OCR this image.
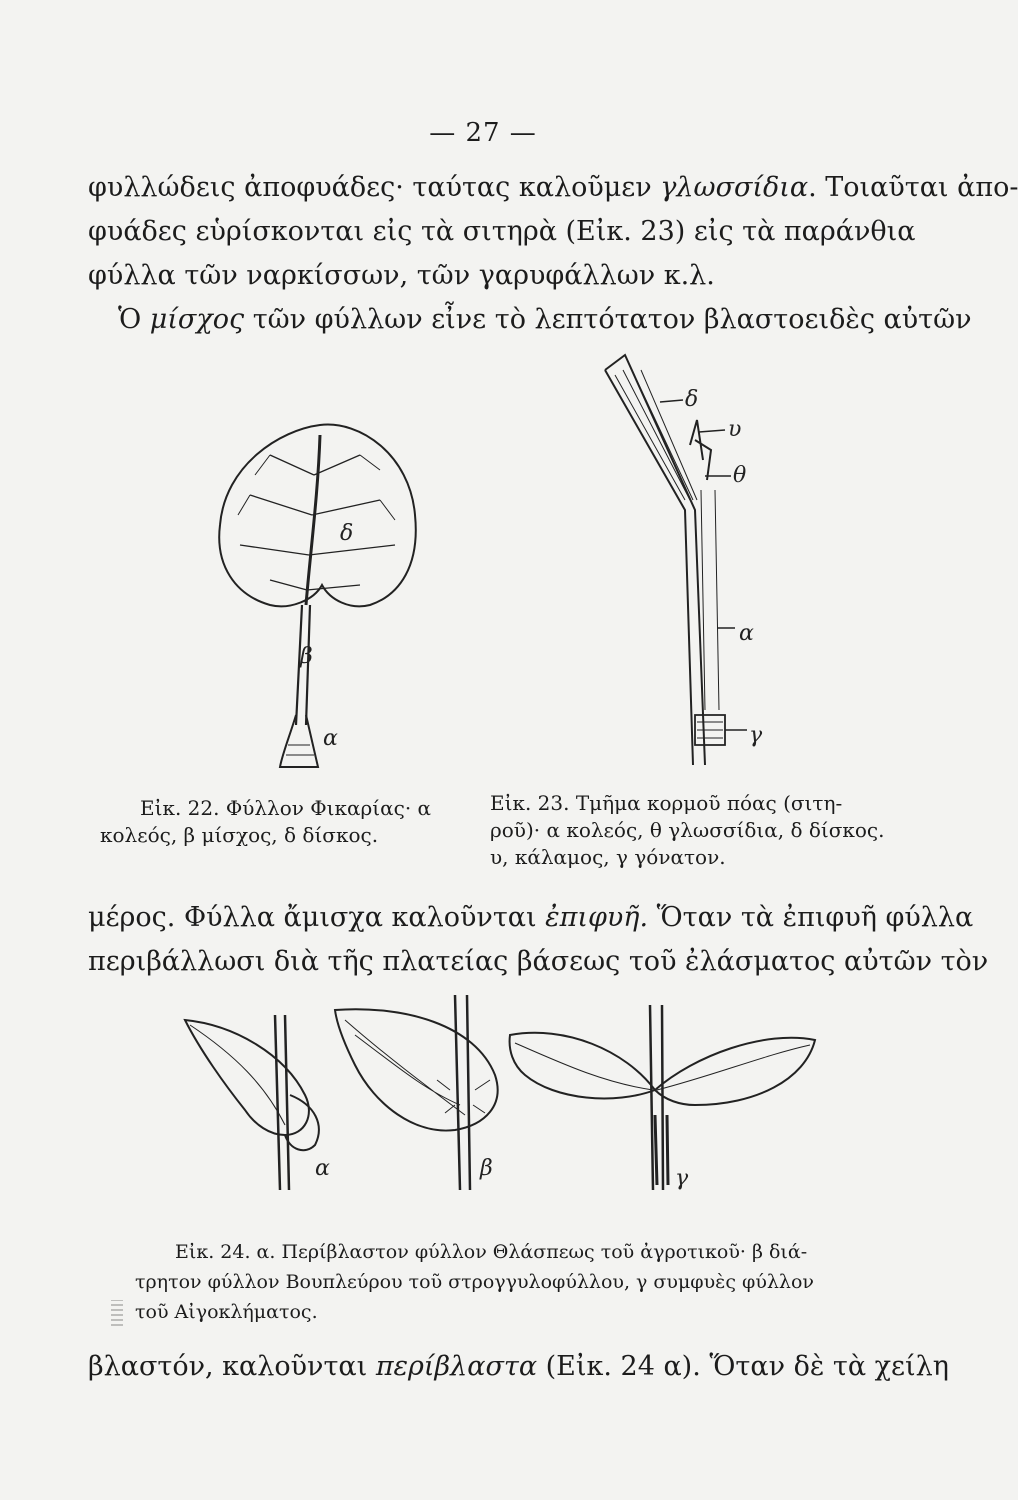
— 27 —
φυλλώδεις ἀποφυάδες· ταύτας καλοῦμεν γλωσσίδια. Τοιαῦται ἀπο-
φυάδες εὑρίσκονται εἰς τὰ σιτηρὰ (Εἰκ. 23) εἰς τὰ παράνθια
φύλλα τῶν ναρκίσσων, τῶν γαρυφάλλων κ.λ.
Ὁ μίσχος τῶν φύλλων εἶνε τὸ λεπτότατον βλαστοειδὲς αὐτῶν
δ
β
α
δ
υ
θ
α
γ
Εἰκ. 22. Φύλλον Φικαρίας· α
κολεός, β μίσχος, δ δίσκος.
Εἰκ. 23. Τμῆμα κορμοῦ πόας (σιτη-
ροῦ)· α κολεός, θ γλωσσίδια, δ δίσκος.
υ, κάλαμος, γ γόνατον.
μέρος. Φύλλα ἄμισχα καλοῦνται ἐπιφυῆ. Ὅταν τὰ ἐπιφυῆ φύλλα
περιβάλλωσι διὰ τῆς πλατείας βάσεως τοῦ ἐλάσματος αὐτῶν τὸν
α	β	γ
Εἰκ. 24. α. Περίβλαστον φύλλον Θλάσπεως τοῦ ἀγροτικοῦ· β διά-
τρητον φύλλον Βουπλεύρου τοῦ στρογγυλοφύλλου, γ συμφυὲς φύλλον
τοῦ Αἰγοκλήματος.
βλαστόν, καλοῦνται περίβλαστα (Εἰκ. 24 α). Ὅταν δὲ τὰ χείλη
